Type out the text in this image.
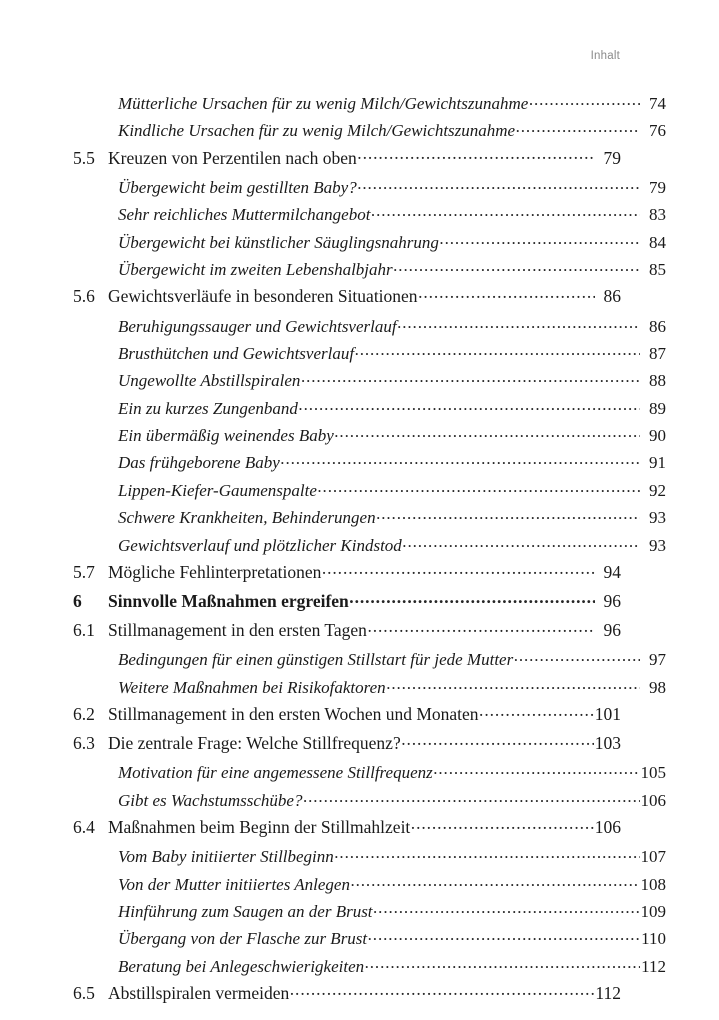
Inhalt
Mütterliche Ursachen für zu wenig Milch/Gewichtszunahme .....	74
Kindliche Ursachen für zu wenig Milch/Gewichtszunahme .....	76
5.5 Kreuzen von Perzentilen nach oben .....	79
Übergewicht beim gestillten Baby? .....	79
Sehr reichliches Muttermilchangebot .....	83
Übergewicht bei künstlicher Säuglingsnahrung .....	84
Übergewicht im zweiten Lebenshalbjahr .....	85
5.6 Gewichtsverläufe in besonderen Situationen .....	86
Beruhigungssauger und Gewichtsverlauf .....	86
Brusthütchen und Gewichtsverlauf .....	87
Ungewollte Abstillspiralen .....	88
Ein zu kurzes Zungenband .....	89
Ein übermäßig weinendes Baby .....	90
Das frühgeborene Baby .....	91
Lippen-Kiefer-Gaumenspalte .....	92
Schwere Krankheiten, Behinderungen .....	93
Gewichtsverlauf und plötzlicher Kindstod .....	93
5.7 Mögliche Fehlinterpretationen .....	94
6	Sinnvolle Maßnahmen ergreifen .....	96
6.1 Stillmanagement in den ersten Tagen .....	96
Bedingungen für einen günstigen Stillstart für jede Mutter .....	97
Weitere Maßnahmen bei Risikofaktoren .....	98
6.2 Stillmanagement in den ersten Wochen und Monaten .....	101
6.3 Die zentrale Frage: Welche Stillfrequenz? .....	103
Motivation für eine angemessene Stillfrequenz .....	105
Gibt es Wachstumsschübe? .....	106
6.4 Maßnahmen beim Beginn der Stillmahlzeit .....	106
Vom Baby initiierter Stillbeginn .....	107
Von der Mutter initiiertes Anlegen .....	108
Hinführung zum Saugen an der Brust .....	109
Übergang von der Flasche zur Brust .....	110
Beratung bei Anlegeschwierigkeiten .....	112
6.5 Abstillspiralen vermeiden .....	112
